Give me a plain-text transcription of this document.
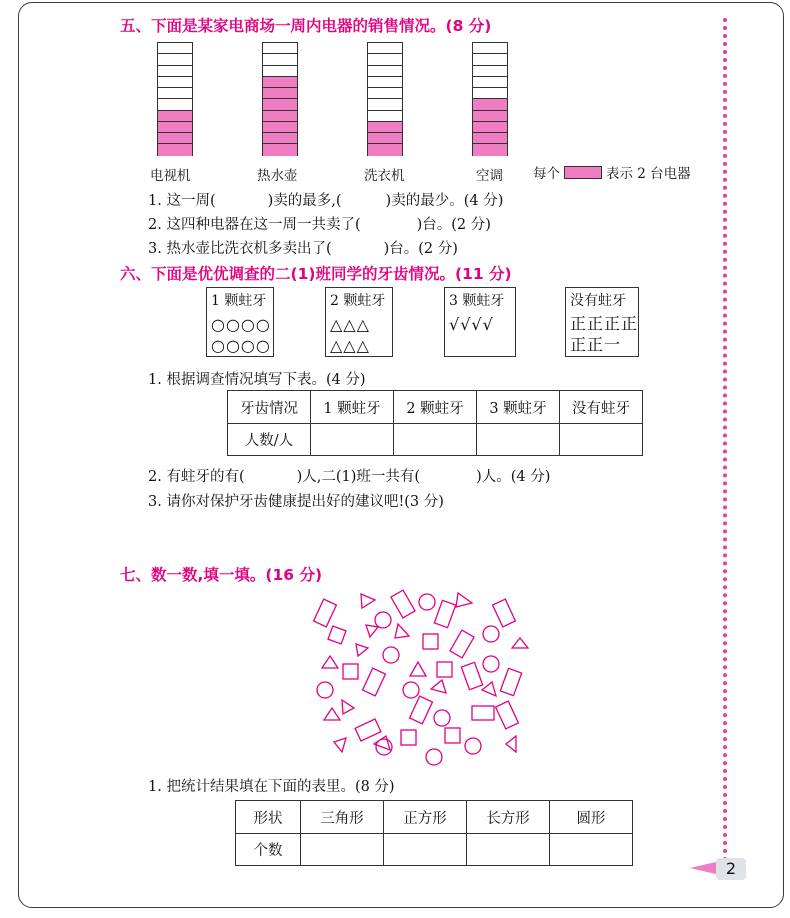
2
五、下面是某家电商场一周内电器的销售情况。(8 分)
电视机	热水壶	洗衣机	空调 每个	表示 2 台电器
1. 这一周(	)卖的最多,(	)卖的最少。(4 分)
2. 这四种电器在这一周一共卖了(	)台。(2 分)
3. 热水壶比洗衣机多卖出了(	)台。(2 分)
六、下面是优优调查的二(1)班同学的牙齿情况。(11 分)
1 颗蛀牙
○○○○
○○○○
2 颗蛀牙
△△△
△△△
3 颗蛀牙
√√√√
没有蛀牙
正正正正
正正一
1. 根据调查情况填写下表。(4 分)
牙齿情况	1 颗蛀牙	2 颗蛀牙	3 颗蛀牙	没有蛀牙
人数/人				
2. 有蛀牙的有(	)人,二(1)班一共有(	)人。(4 分)
3. 请你对保护牙齿健康提出好的建议吧!(3 分)
七、数一数,填一填。(16 分)
1. 把统计结果填在下面的表里。(8 分)
形状	三角形	正方形	长方形	圆形
个数				
